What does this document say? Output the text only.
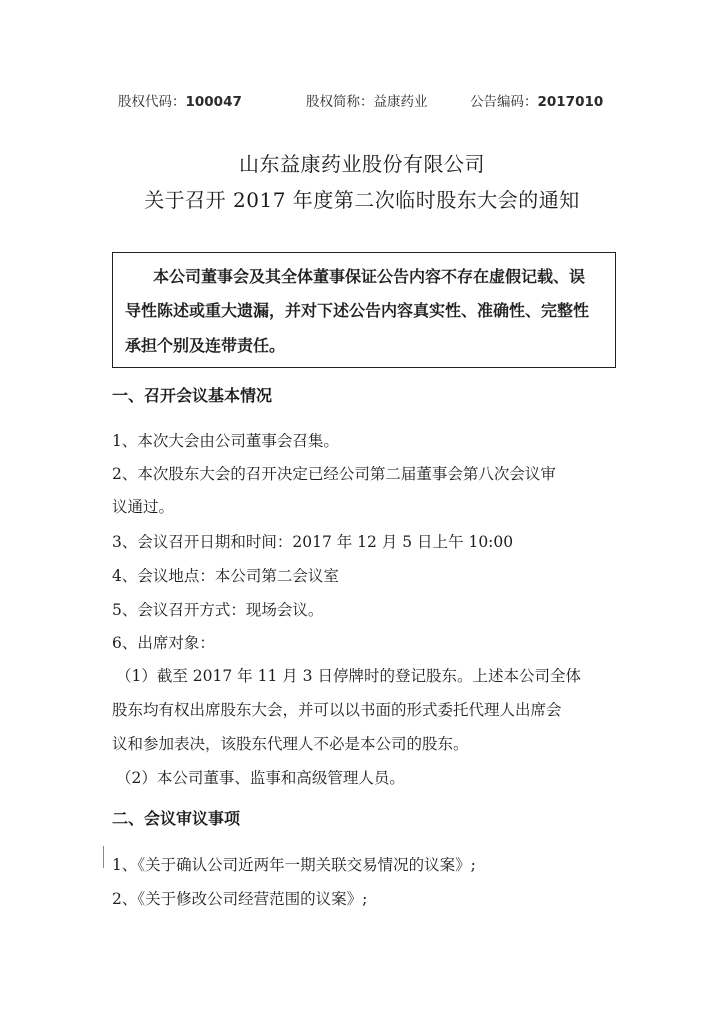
股权代码：100047	股权简称：益康药业	公告编码：2017010
山东益康药业股份有限公司
关于召开 2017 年度第二次临时股东大会的通知

本公司董事会及其全体董事保证公告内容不存在虚假记载、误

导性陈述或重大遗漏，并对下述公告内容真实性、准确性、完整性

承担个别及连带责任。

一、召开会议基本情况
1、本次大会由公司董事会召集。
2、本次股东大会的召开决定已经公司第二届董事会第八次会议审
议通过。
3、会议召开日期和时间：2017 年 12 月 5 日上午 10:00
4、会议地点：本公司第二会议室
5、会议召开方式：现场会议。
6、出席对象：
（1）截至 2017 年 11 月 3 日停牌时的登记股东。上述本公司全体
股东均有权出席股东大会，并可以以书面的形式委托代理人出席会
议和参加表决，该股东代理人不必是本公司的股东。
（2）本公司董事、监事和高级管理人员。
二、会议审议事项
1、《关于确认公司近两年一期关联交易情况的议案》;
2、《关于修改公司经营范围的议案》;
